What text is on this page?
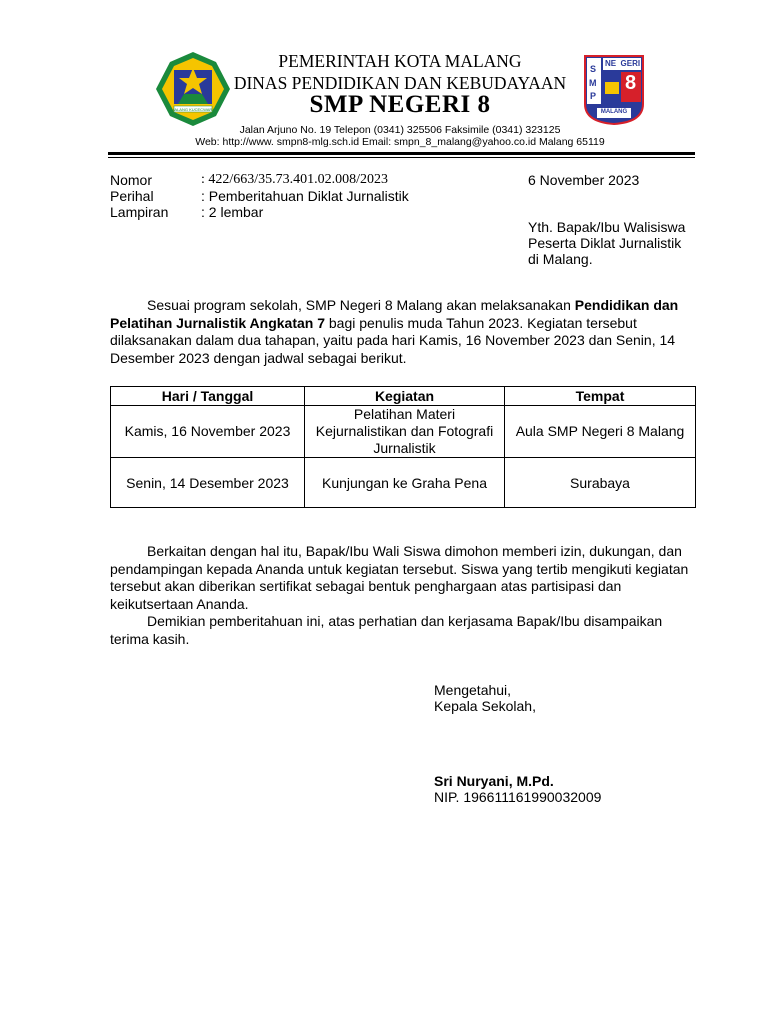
MALANG KUCECWARA
PEMERINTAH KOTA MALANG
DINAS PENDIDIKAN DAN KEBUDAYAAN
SMP NEGERI 8
Jalan Arjuno No. 19 Telepon (0341) 325506 Faksimile (0341) 323125
Web: http://www. smpn8-mlg.sch.id Email: smpn_8_malang@yahoo.co.id Malang 65119
S
M
P
NE  GERI
8
MALANG
Nomor	: 422/663/35.73.401.02.008/2023
Perihal	: Pemberitahuan Diklat Jurnalistik
Lampiran : 2 lembar
6 November 2023
Yth. Bapak/Ibu Walisiswa
Peserta Diklat Jurnalistik
di Malang.
Sesuai program sekolah, SMP Negeri 8 Malang akan melaksanakan Pendidikan dan Pelatihan Jurnalistik Angkatan 7 bagi penulis muda Tahun 2023. Kegiatan tersebut dilaksanakan dalam dua tahapan, yaitu pada hari Kamis, 16 November 2023 dan Senin, 14 Desember 2023 dengan jadwal sebagai berikut.
Hari / Tanggal	Kegiatan	Tempat
Kamis, 16 November 2023	Pelatihan Materi Kejurnalistikan dan Fotografi Jurnalistik	Aula SMP Negeri 8 Malang
Senin, 14 Desember 2023	Kunjungan ke Graha Pena	Surabaya
Berkaitan dengan hal itu, Bapak/Ibu Wali Siswa dimohon memberi izin, dukungan, dan pendampingan kepada Ananda untuk kegiatan tersebut. Siswa yang tertib mengikuti kegiatan tersebut akan diberikan sertifikat sebagai bentuk penghargaan atas partisipasi dan keikutsertaan Ananda.
Demikian pemberitahuan ini, atas perhatian dan kerjasama Bapak/Ibu disampaikan terima kasih.
Mengetahui,
Kepala Sekolah,
Sri Nuryani, M.Pd.
NIP. 196611161990032009
